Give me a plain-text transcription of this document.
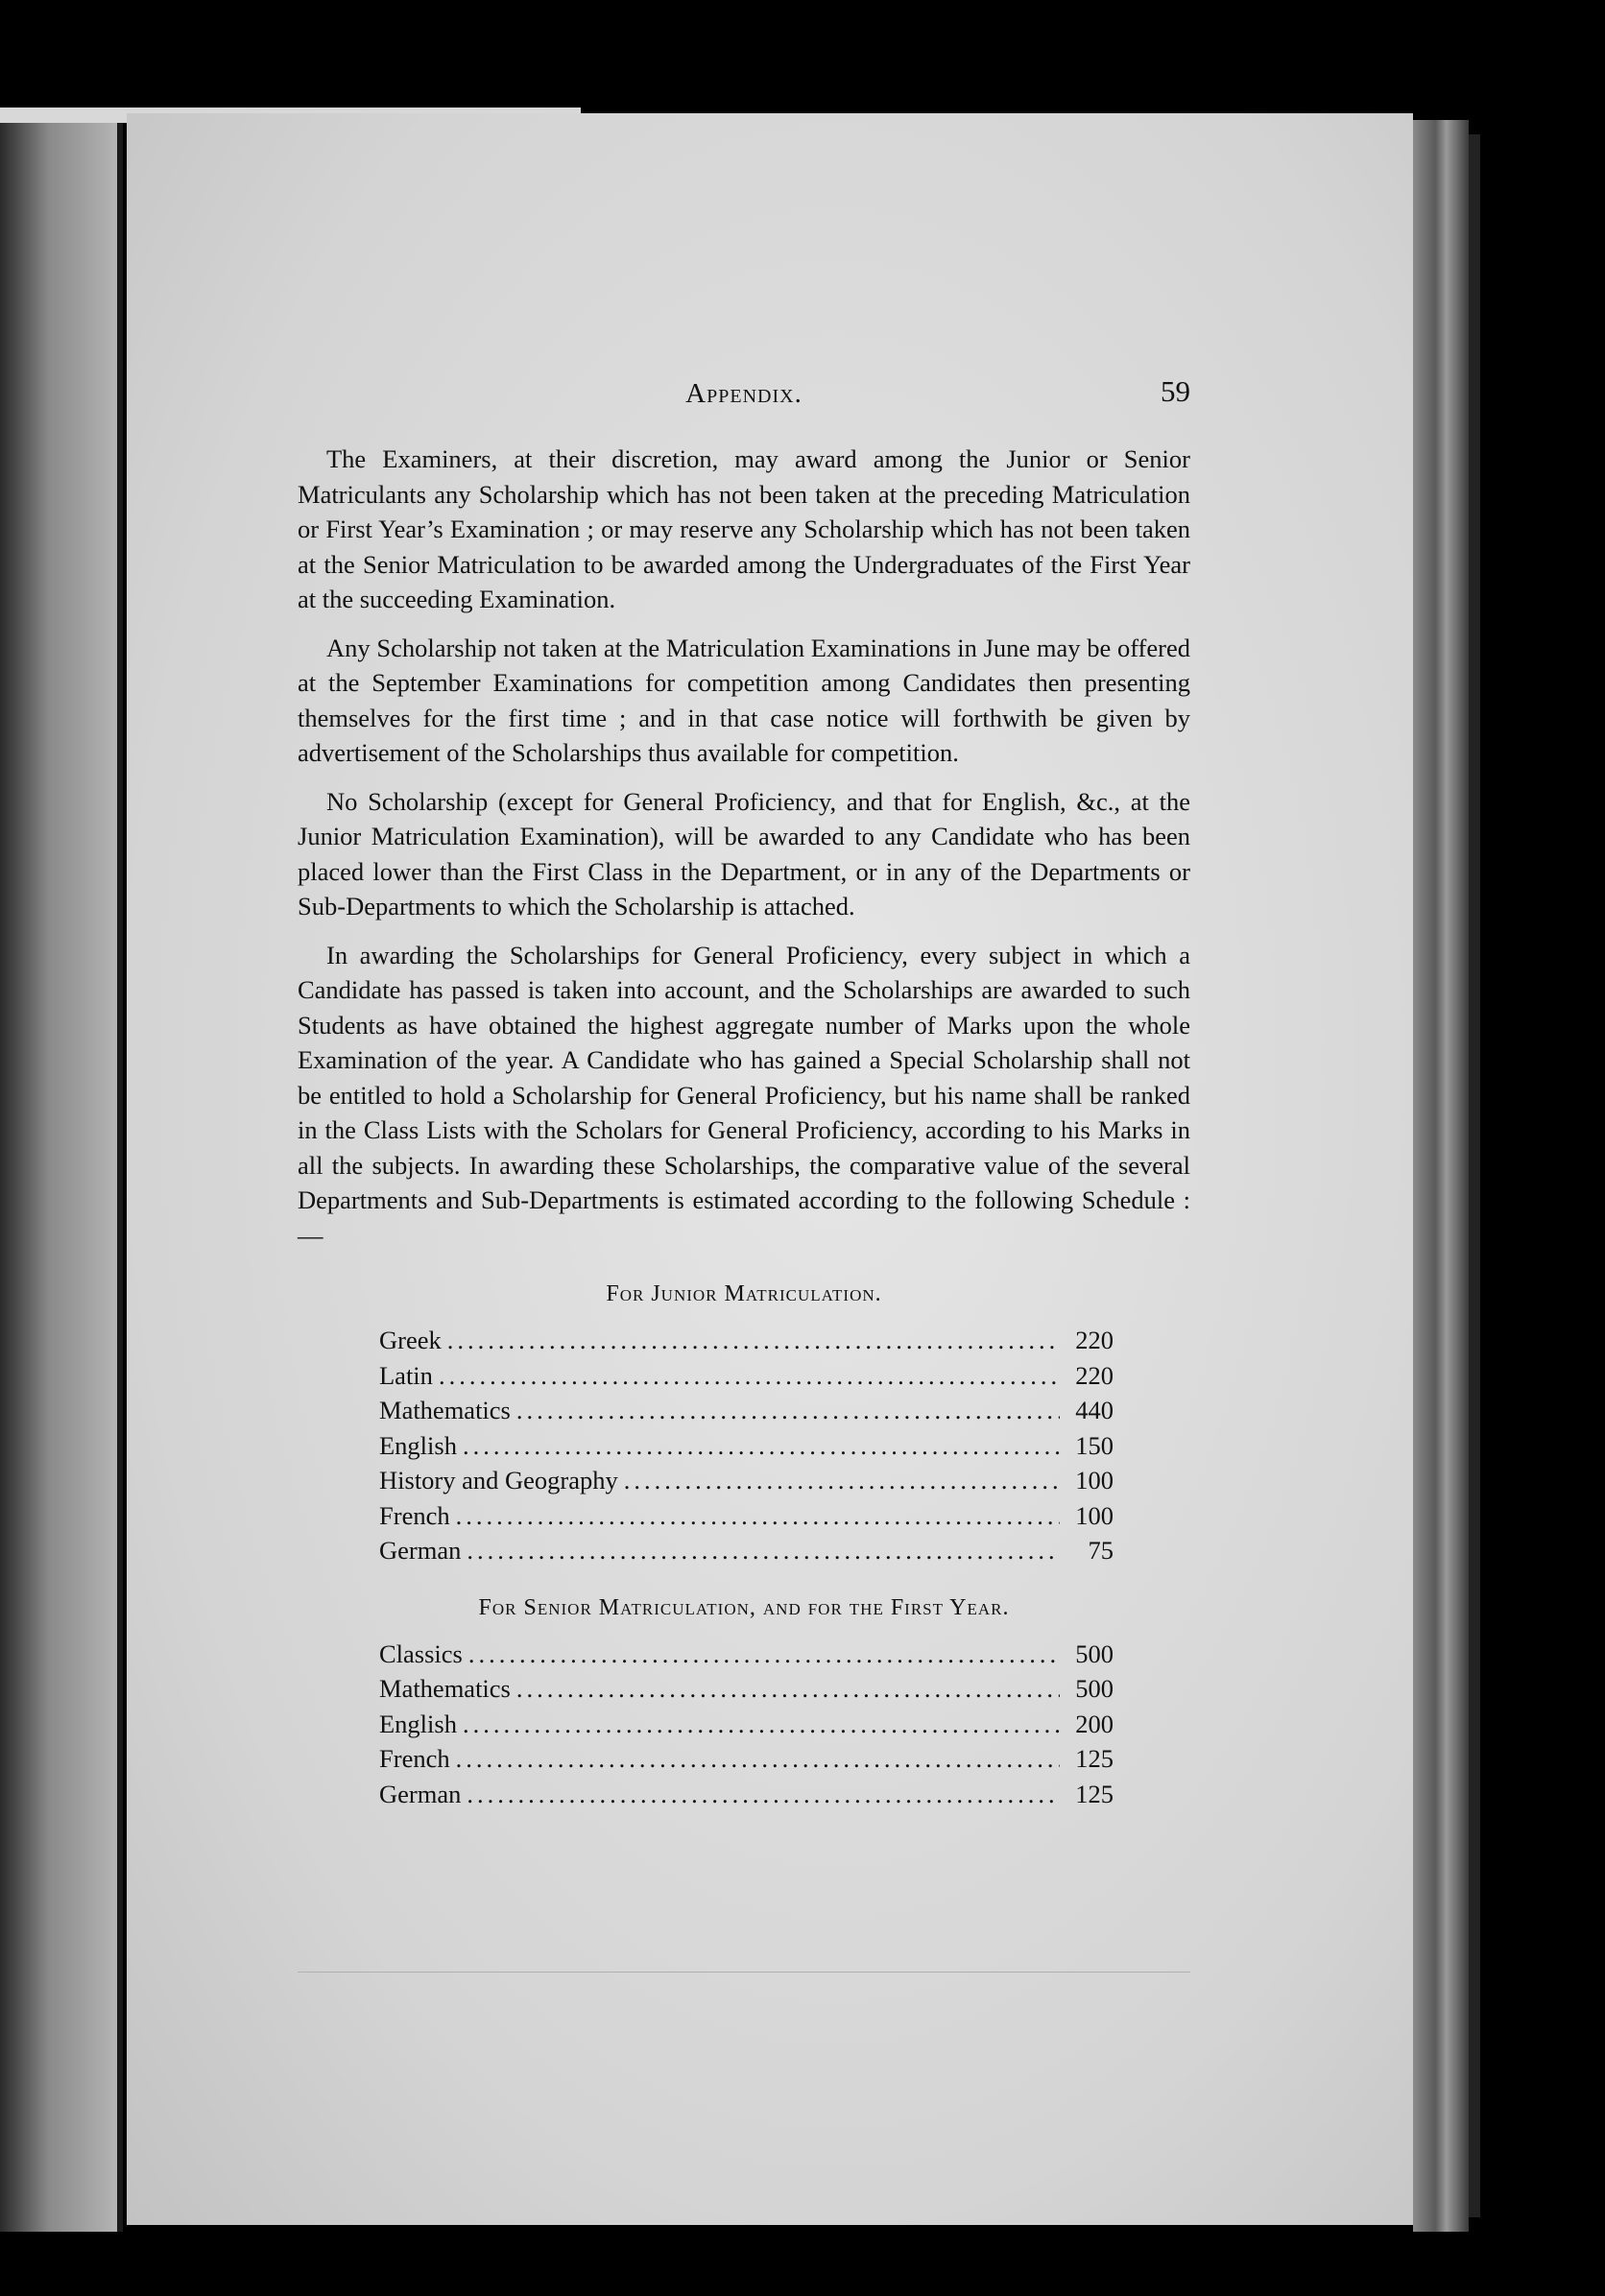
Appendix.	59

The Examiners, at their discretion, may award among the Junior or Senior Matriculants any Scholarship which has not been taken at the preceding Matriculation or First Year’s Examination ; or may reserve any Scholarship which has not been taken at the Senior Matriculation to be awarded among the Undergraduates of the First Year at the succeeding Examination.

Any Scholarship not taken at the Matriculation Examinations in June may be offered at the September Examinations for competition among Candidates then presenting themselves for the first time ; and in that case notice will forthwith be given by advertisement of the Scholarships thus available for competition.

No Scholarship (except for General Proficiency, and that for English, &c., at the Junior Matriculation Examination), will be awarded to any Candidate who has been placed lower than the First Class in the Department, or in any of the Departments or Sub-Departments to which the Scholarship is attached.

In awarding the Scholarships for General Proficiency, every subject in which a Candidate has passed is taken into account, and the Scholarships are awarded to such Students as have obtained the highest aggregate number of Marks upon the whole Examination of the year. A Candidate who has gained a Special Scholarship shall not be entitled to hold a Scholarship for General Proficiency, but his name shall be ranked in the Class Lists with the Scholars for General Proficiency, according to his Marks in all the subjects. In awarding these Scholarships, the comparative value of the several Departments and Sub-Departments is estimated according to the following Schedule :—

For Junior Matriculation.
Greek .....	220
Latin .....	220
Mathematics .....	440
English .....	150
History and Geography .....	100
French .....	100
German .....	75
For Senior Matriculation, and for the First Year.
Classics .....	500
Mathematics .....	500
English .....	200
French .....	125
German .....	125
